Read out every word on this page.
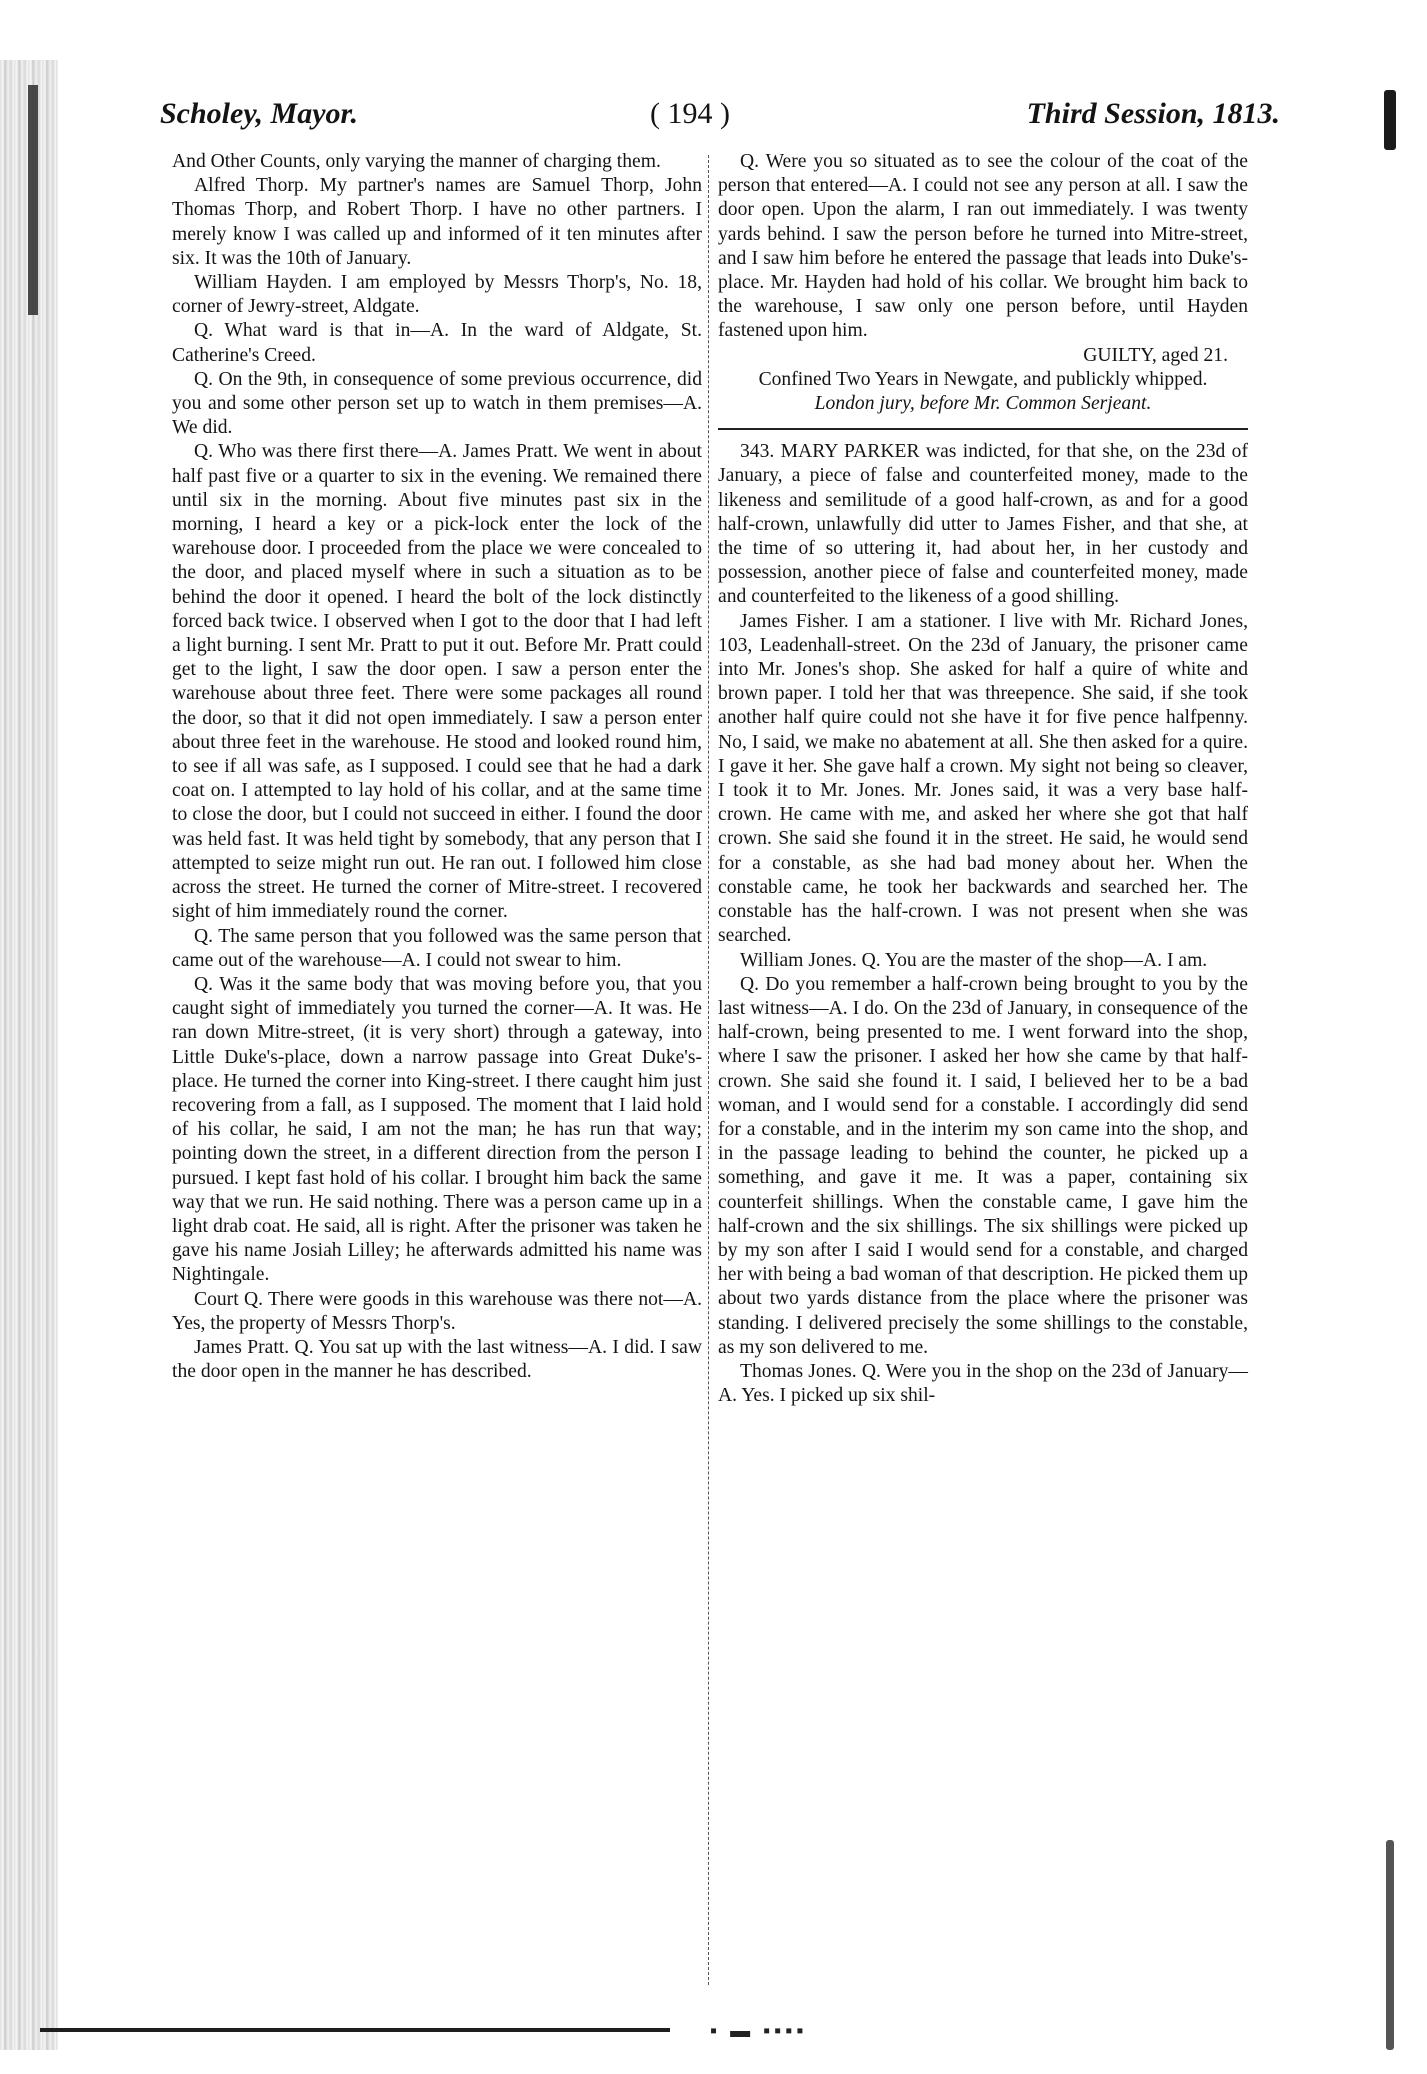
Scholey, Mayor.	( 194 )	Third Session, 1813.

And Other Counts, only varying the manner of charging them.

Alfred Thorp. My partner's names are Samuel Thorp, John Thomas Thorp, and Robert Thorp. I have no other partners. I merely know I was called up and informed of it ten minutes after six. It was the 10th of January.

William Hayden. I am employed by Messrs Thorp's, No. 18, corner of Jewry-street, Aldgate.

Q. What ward is that in—A. In the ward of Aldgate, St. Catherine's Creed.

Q. On the 9th, in consequence of some previous occurrence, did you and some other person set up to watch in them premises—A. We did.

Q. Who was there first there—A. James Pratt. We went in about half past five or a quarter to six in the evening. We remained there until six in the morning. About five minutes past six in the morning, I heard a key or a pick-lock enter the lock of the warehouse door. I proceeded from the place we were concealed to the door, and placed myself where in such a situation as to be behind the door it opened. I heard the bolt of the lock distinctly forced back twice. I observed when I got to the door that I had left a light burning. I sent Mr. Pratt to put it out. Before Mr. Pratt could get to the light, I saw the door open. I saw a person enter the warehouse about three feet. There were some packages all round the door, so that it did not open immediately. I saw a person enter about three feet in the warehouse. He stood and looked round him, to see if all was safe, as I supposed. I could see that he had a dark coat on. I attempted to lay hold of his collar, and at the same time to close the door, but I could not succeed in either. I found the door was held fast. It was held tight by somebody, that any person that I attempted to seize might run out. He ran out. I followed him close across the street. He turned the corner of Mitre-street. I recovered sight of him immediately round the corner.

Q. The same person that you followed was the same person that came out of the warehouse—A. I could not swear to him.

Q. Was it the same body that was moving before you, that you caught sight of immediately you turned the corner—A. It was. He ran down Mitre-street, (it is very short) through a gateway, into Little Duke's-place, down a narrow passage into Great Duke's-place. He turned the corner into King-street. I there caught him just recovering from a fall, as I supposed. The moment that I laid hold of his collar, he said, I am not the man; he has run that way; pointing down the street, in a different direction from the person I pursued. I kept fast hold of his collar. I brought him back the same way that we run. He said nothing. There was a person came up in a light drab coat. He said, all is right. After the prisoner was taken he gave his name Josiah Lilley; he afterwards admitted his name was Nightingale.

Court Q. There were goods in this warehouse was there not—A. Yes, the property of Messrs Thorp's.

James Pratt. Q. You sat up with the last witness—A. I did. I saw the door open in the manner he has described.

Q. Were you so situated as to see the colour of the coat of the person that entered—A. I could not see any person at all. I saw the door open. Upon the alarm, I ran out immediately. I was twenty yards behind. I saw the person before he turned into Mitre-street, and I saw him before he entered the passage that leads into Duke's-place. Mr. Hayden had hold of his collar. We brought him back to the warehouse, I saw only one person before, until Hayden fastened upon him.

GUILTY, aged 21.

Confined Two Years in Newgate, and publickly whipped.

London jury, before Mr. Common Serjeant.

343. MARY PARKER was indicted, for that she, on the 23d of January, a piece of false and counterfeited money, made to the likeness and semilitude of a good half-crown, as and for a good half-crown, unlawfully did utter to James Fisher, and that she, at the time of so uttering it, had about her, in her custody and possession, another piece of false and counterfeited money, made and counterfeited to the likeness of a good shilling.

James Fisher. I am a stationer. I live with Mr. Richard Jones, 103, Leadenhall-street. On the 23d of January, the prisoner came into Mr. Jones's shop. She asked for half a quire of white and brown paper. I told her that was threepence. She said, if she took another half quire could not she have it for five pence halfpenny. No, I said, we make no abatement at all. She then asked for a quire. I gave it her. She gave half a crown. My sight not being so cleaver, I took it to Mr. Jones. Mr. Jones said, it was a very base half-crown. He came with me, and asked her where she got that half crown. She said she found it in the street. He said, he would send for a constable, as she had bad money about her. When the constable came, he took her backwards and searched her. The constable has the half-crown. I was not present when she was searched.

William Jones. Q. You are the master of the shop—A. I am.

Q. Do you remember a half-crown being brought to you by the last witness—A. I do. On the 23d of January, in consequence of the half-crown, being presented to me. I went forward into the shop, where I saw the prisoner. I asked her how she came by that half-crown. She said she found it. I said, I believed her to be a bad woman, and I would send for a constable. I accordingly did send for a constable, and in the interim my son came into the shop, and in the passage leading to behind the counter, he picked up a something, and gave it me. It was a paper, containing six counterfeit shillings. When the constable came, I gave him the half-crown and the six shillings. The six shillings were picked up by my son after I said I would send for a constable, and charged her with being a bad woman of that description. He picked them up about two yards distance from the place where the prisoner was standing. I delivered precisely the some shillings to the constable, as my son delivered to me.

Thomas Jones. Q. Were you in the shop on the 23d of January—A. Yes. I picked up six shil-

▪ ▬ ▪▪▪▪
